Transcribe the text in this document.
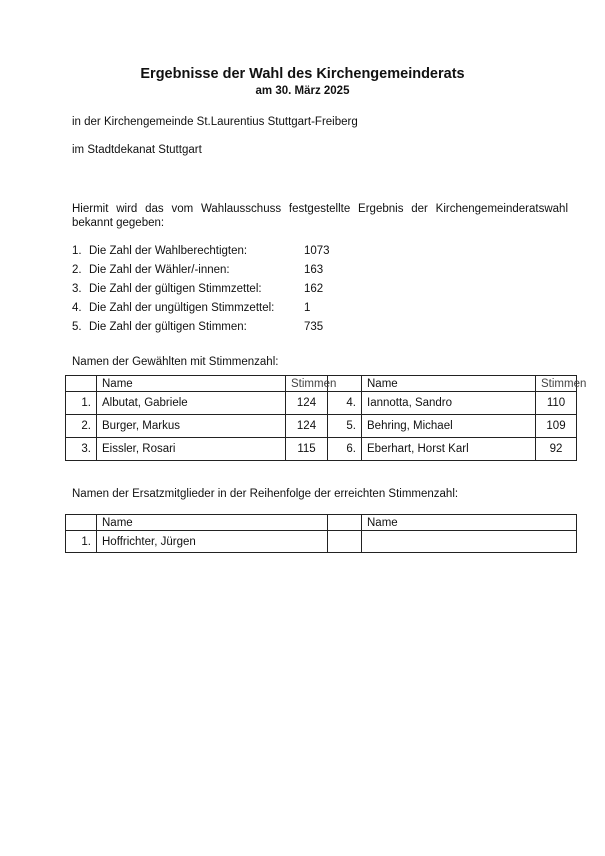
Ergebnisse der Wahl des Kirchengemeinderats
am 30. März 2025
in der Kirchengemeinde St.Laurentius Stuttgart-Freiberg
im Stadtdekanat Stuttgart
Hiermit wird das vom Wahlausschuss festgestellte Ergebnis der Kirchengemeinderatswahl bekannt gegeben:
1. Die Zahl der Wahlberechtigten:	1073
2. Die Zahl der Wähler/-innen:	163
3. Die Zahl der gültigen Stimmzettel:	162
4. Die Zahl der ungültigen Stimmzettel:	1
5. Die Zahl der gültigen Stimmen:	735
Namen der Gewählten mit Stimmenzahl:
	Name	Stimmen		Name	Stimmen
1.	Albutat, Gabriele	124	4.	Iannotta, Sandro	110
2.	Burger, Markus	124	5.	Behring, Michael	109
3.	Eissler, Rosari	115	6.	Eberhart, Horst Karl	92
Namen der Ersatzmitglieder in der Reihenfolge der erreichten Stimmenzahl:
	Name		Name
1.	Hoffrichter, Jürgen		
